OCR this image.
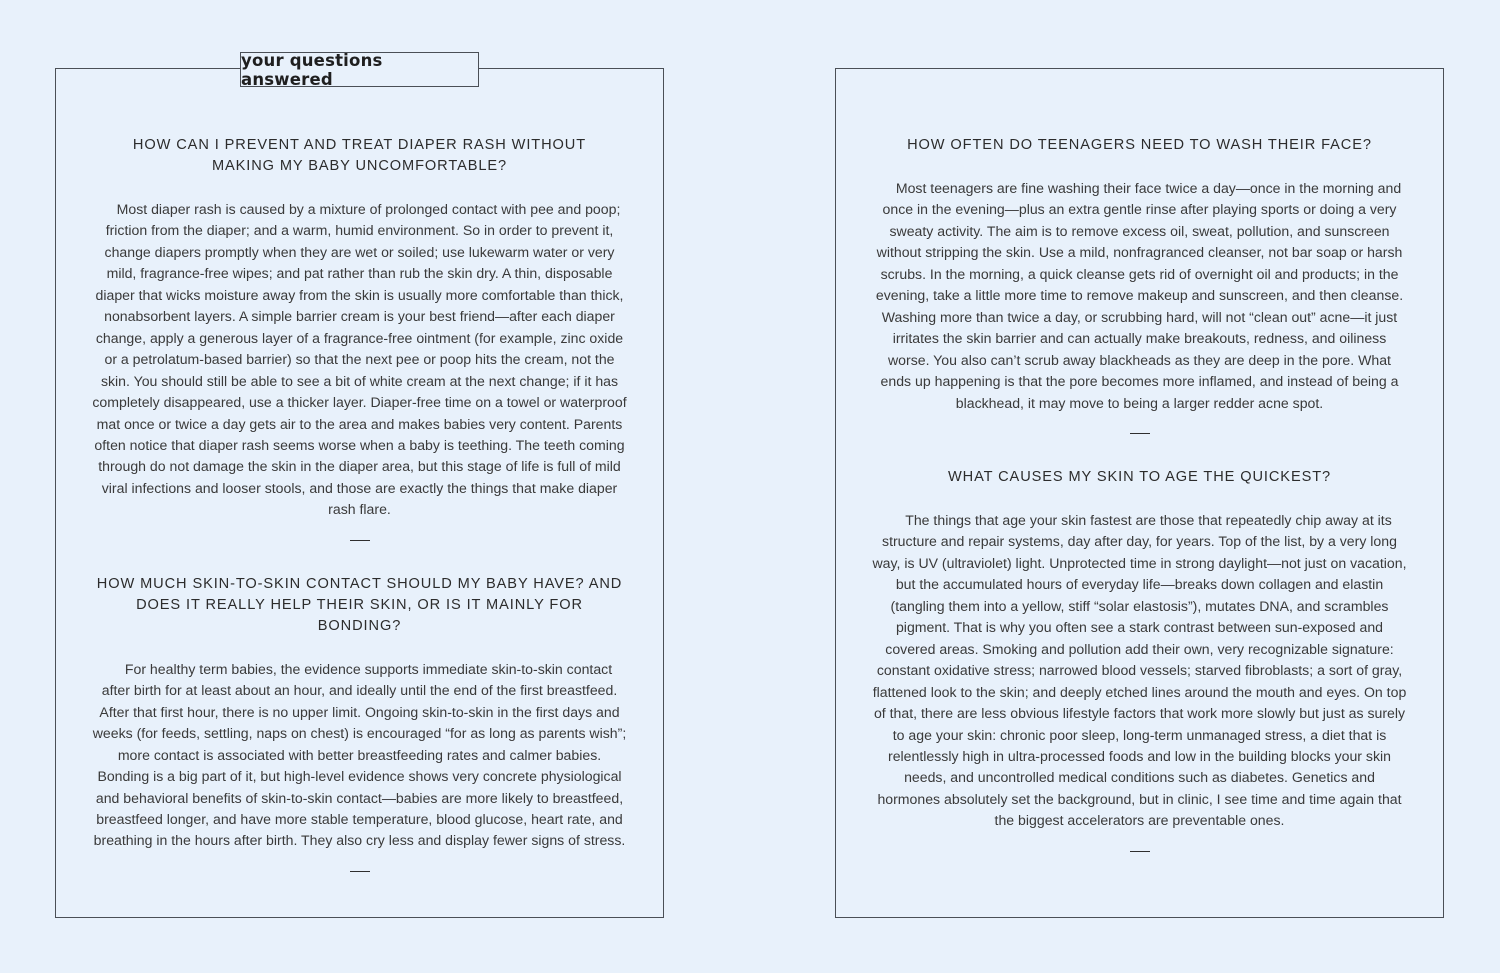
HOW CAN I PREVENT AND TREAT DIAPER RASH WITHOUT MAKING MY BABY UNCOMFORTABLE?

Most diaper rash is caused by a mixture of prolonged contact with pee and poop; friction from the diaper; and a warm, humid environment. So in order to prevent it, change diapers promptly when they are wet or soiled; use lukewarm water or very mild, fragrance-free wipes; and pat rather than rub the skin dry. A thin, disposable diaper that wicks moisture away from the skin is usually more comfortable than thick, nonabsorbent layers. A simple barrier cream is your best friend—after each diaper change, apply a generous layer of a fragrance-free ointment (for example, zinc oxide or a petrolatum-based barrier) so that the next pee or poop hits the cream, not the skin. You should still be able to see a bit of white cream at the next change; if it has completely disappeared, use a thicker layer. Diaper-free time on a towel or waterproof mat once or twice a day gets air to the area and makes babies very content. Parents often notice that diaper rash seems worse when a baby is teething. The teeth coming through do not damage the skin in the diaper area, but this stage of life is full of mild viral infections and looser stools, and those are exactly the things that make diaper rash flare.

HOW MUCH SKIN-TO-SKIN CONTACT SHOULD MY BABY HAVE? AND DOES IT REALLY HELP THEIR SKIN, OR IS IT MAINLY FOR BONDING?

For healthy term babies, the evidence supports immediate skin-to-skin contact after birth for at least about an hour, and ideally until the end of the first breastfeed. After that first hour, there is no upper limit. Ongoing skin-to-skin in the first days and weeks (for feeds, settling, naps on chest) is encouraged “for as long as parents wish”; more contact is associated with better breastfeeding rates and calmer babies. Bonding is a big part of it, but high-level evidence shows very concrete physiological and behavioral benefits of skin-to-skin contact—babies are more likely to breastfeed, breastfeed longer, and have more stable temperature, blood glucose, heart rate, and breathing in the hours after birth. They also cry less and display fewer signs of stress.

your questions answered

HOW OFTEN DO TEENAGERS NEED TO WASH THEIR FACE?

Most teenagers are fine washing their face twice a day—once in the morning and once in the evening—plus an extra gentle rinse after playing sports or doing a very sweaty activity. The aim is to remove excess oil, sweat, pollution, and sunscreen without stripping the skin. Use a mild, nonfragranced cleanser, not bar soap or harsh scrubs. In the morning, a quick cleanse gets rid of overnight oil and products; in the evening, take a little more time to remove makeup and sunscreen, and then cleanse. Washing more than twice a day, or scrubbing hard, will not “clean out” acne—it just irritates the skin barrier and can actually make breakouts, redness, and oiliness worse. You also can’t scrub away blackheads as they are deep in the pore. What ends up happening is that the pore becomes more inflamed, and instead of being a blackhead, it may move to being a larger redder acne spot.

WHAT CAUSES MY SKIN TO AGE THE QUICKEST?

The things that age your skin fastest are those that repeatedly chip away at its structure and repair systems, day after day, for years. Top of the list, by a very long way, is UV (ultraviolet) light. Unprotected time in strong daylight—not just on vacation, but the accumulated hours of everyday life—breaks down collagen and elastin (tangling them into a yellow, stiff “solar elastosis”), mutates DNA, and scrambles pigment. That is why you often see a stark contrast between sun-exposed and covered areas. Smoking and pollution add their own, very recognizable signature: constant oxidative stress; narrowed blood vessels; starved fibroblasts; a sort of gray, flattened look to the skin; and deeply etched lines around the mouth and eyes. On top of that, there are less obvious lifestyle factors that work more slowly but just as surely to age your skin: chronic poor sleep, long-term unmanaged stress, a diet that is relentlessly high in ultra-processed foods and low in the building blocks your skin needs, and uncontrolled medical conditions such as diabetes. Genetics and hormones absolutely set the background, but in clinic, I see time and time again that the biggest accelerators are preventable ones.
